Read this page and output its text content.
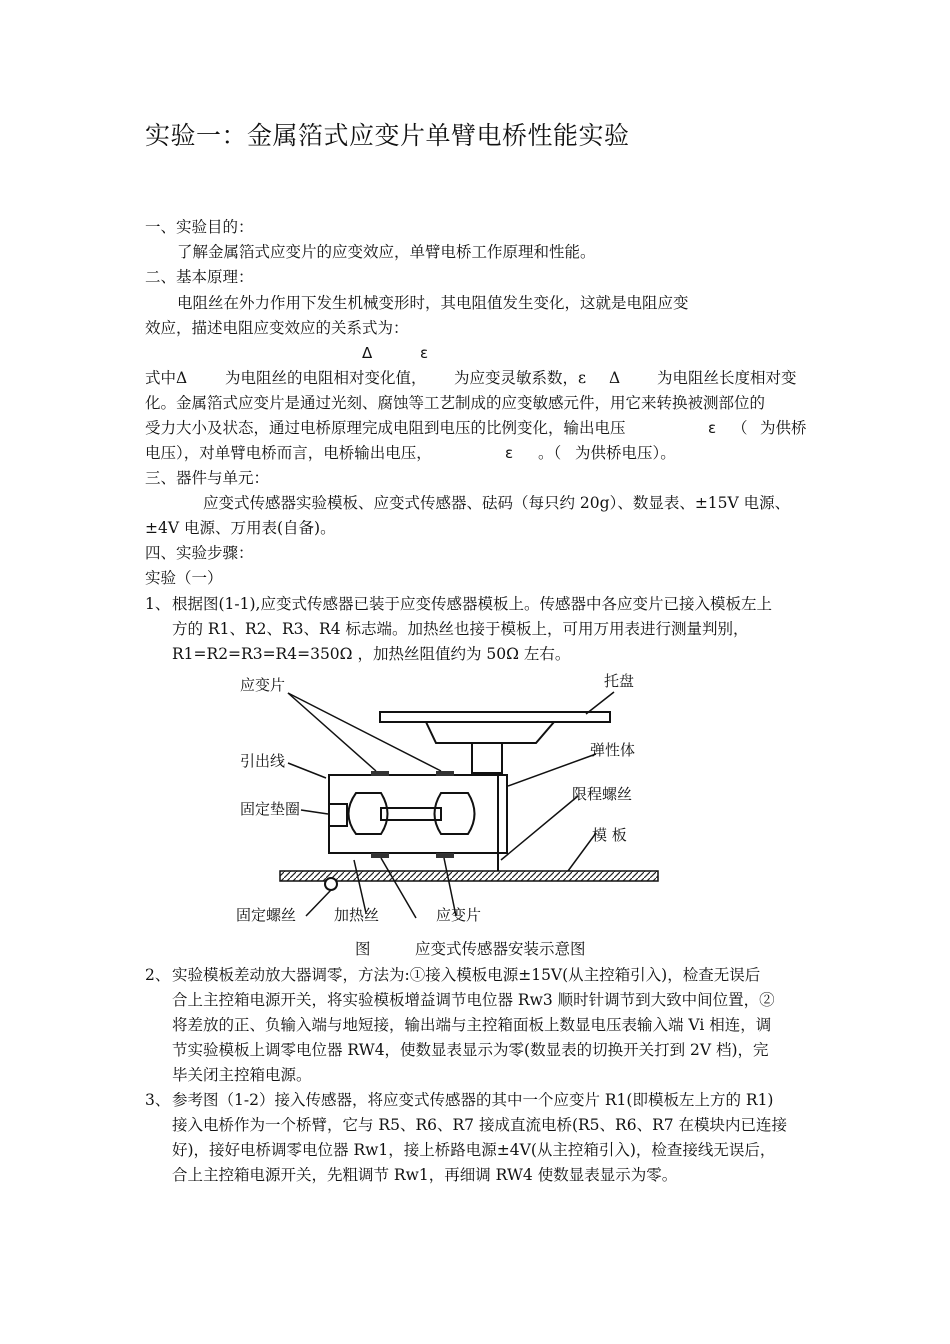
实验一：金属箔式应变片单臂电桥性能实验
一、实验目的：
了解金属箔式应变片的应变效应，单臂电桥工作原理和性能。
二、基本原理：
电阻丝在外力作用下发生机械变形时，其电阻值发生变化，这就是电阻应变
效应，描述电阻应变效应的关系式为：
Δ	ε
式中Δ 为电阻丝的电阻相对变化值， 为应变灵敏系数，ε Δ 为电阻丝长度相对变
化。金属箔式应变片是通过光刻、腐蚀等工艺制成的应变敏感元件，用它来转换被测部位的
受力大小及状态，通过电桥原理完成电阻到电压的比例变化，输出电压	ε （ 为供桥
电压），对单臂电桥而言，电桥输出电压，	ε 。（ 为供桥电压）。
三、器件与单元：
应变式传感器实验模板、应变式传感器、砝码（每只约 20g）、数显表、±15V 电源、
±4V 电源、万用表(自备)。
四、实验步骤：
实验（一）
1、 根据图(1-1),应变式传感器已装于应变传感器模板上。传感器中各应变片已接入模板左上
方的 R1、R2、R3、R4 标志端。加热丝也接于模板上，可用万用表进行测量判别，
R1=R2=R3=R4=350Ω ，加热丝阻值约为 50Ω 左右。
应变片	托盘
引出线
弹性体
固定垫圈
限程螺丝
模 板
固定螺丝	加热丝	应变片
图	应变式传感器安装示意图
2、 实验模板差动放大器调零，方法为:①接入模板电源±15V(从主控箱引入)，检查无误后
合上主控箱电源开关，将实验模板增益调节电位器 Rw3 顺时针调节到大致中间位置，②
将差放的正、负输入端与地短接，输出端与主控箱面板上数显电压表输入端 Vi 相连，调
节实验模板上调零电位器 RW4，使数显表显示为零(数显表的切换开关打到 2V 档)，完
毕关闭主控箱电源。
3、 参考图（1-2）接入传感器，将应变式传感器的其中一个应变片 R1(即模板左上方的 R1)
接入电桥作为一个桥臂，它与 R5、R6、R7 接成直流电桥(R5、R6、R7 在模块内已连接
好)，接好电桥调零电位器 Rw1，接上桥路电源±4V(从主控箱引入)，检查接线无误后，
合上主控箱电源开关，先粗调节 Rw1，再细调 RW4 使数显表显示为零。
